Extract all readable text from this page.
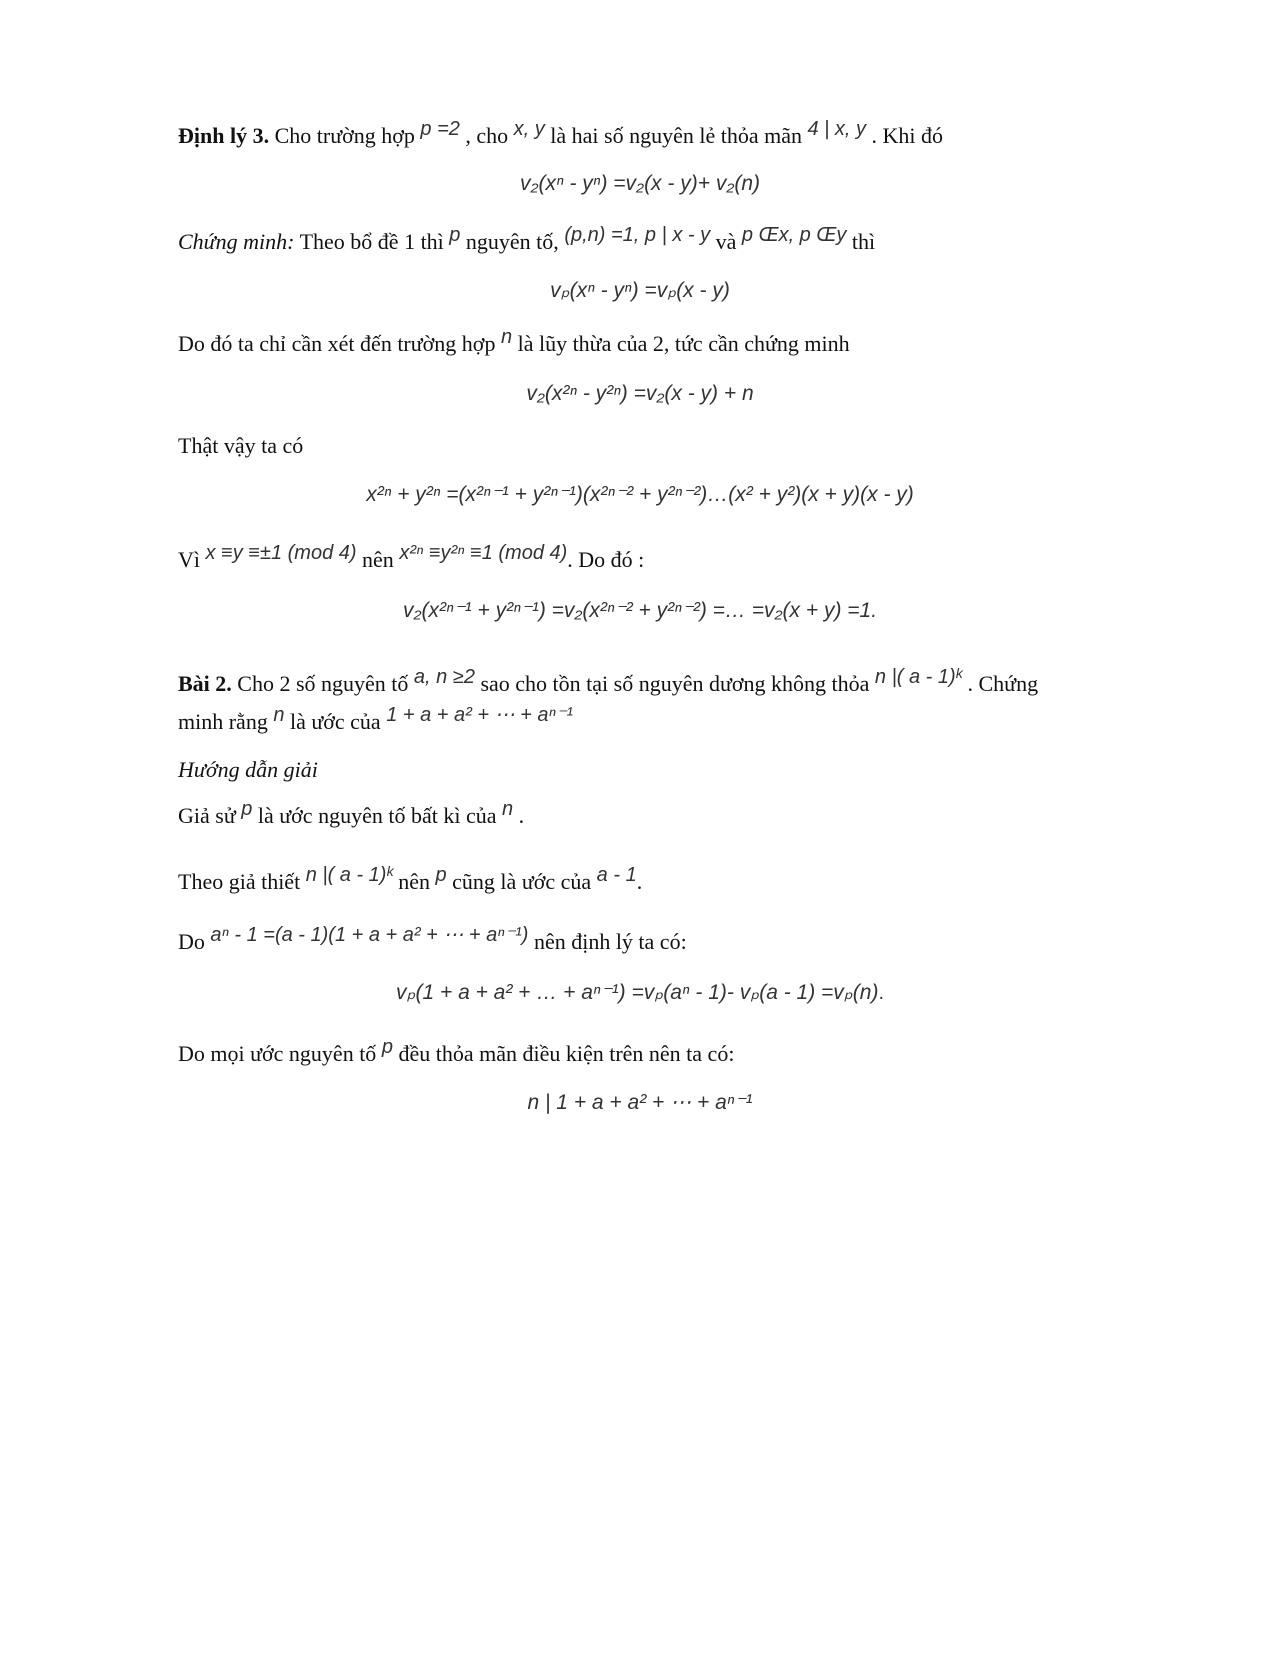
Định lý 3. Cho trường hợp p =2 , cho x, y là hai số nguyên lẻ thỏa mãn 4 | x, y . Khi đó
v₂(xⁿ - yⁿ) =v₂(x - y)+ v₂(n)
Chứng minh: Theo bổ đề 1 thì p nguyên tố, (p,n) =1, p | x - y và p Œx, p Œy thì
vₚ(xⁿ - yⁿ) =vₚ(x - y)
Do đó ta chỉ cần xét đến trường hợp n là lũy thừa của 2, tức cần chứng minh
v₂(x²ⁿ - y²ⁿ) =v₂(x - y) + n
Thật vậy ta có
x²ⁿ + y²ⁿ =(x²ⁿ⁻¹ + y²ⁿ⁻¹)(x²ⁿ⁻² + y²ⁿ⁻²)…(x² + y²)(x + y)(x - y)
Vì x ≡y ≡±1 (mod 4) nên x²ⁿ ≡y²ⁿ ≡1 (mod 4). Do đó :
v₂(x²ⁿ⁻¹ + y²ⁿ⁻¹) =v₂(x²ⁿ⁻² + y²ⁿ⁻²) =… =v₂(x + y) =1.
Bài 2. Cho 2 số nguyên tố a, n ≥2 sao cho tồn tại số nguyên dương không thỏa n |( a - 1)ᵏ . Chứng
minh rằng n là ước của 1 + a + a² + ⋯ + aⁿ⁻¹
Hướng dẫn giải
Giả sử p là ước nguyên tố bất kì của n .
Theo giả thiết n |( a - 1)ᵏ nên p cũng là ước của a - 1.
Do aⁿ - 1 =(a - 1)(1 + a + a² + ⋯ + aⁿ⁻¹) nên định lý ta có:
vₚ(1 + a + a² + … + aⁿ⁻¹) =vₚ(aⁿ - 1)- vₚ(a - 1) =vₚ(n).
Do mọi ước nguyên tố p đều thỏa mãn điều kiện trên nên ta có:
n | 1 + a + a² + ⋯ + aⁿ⁻¹
